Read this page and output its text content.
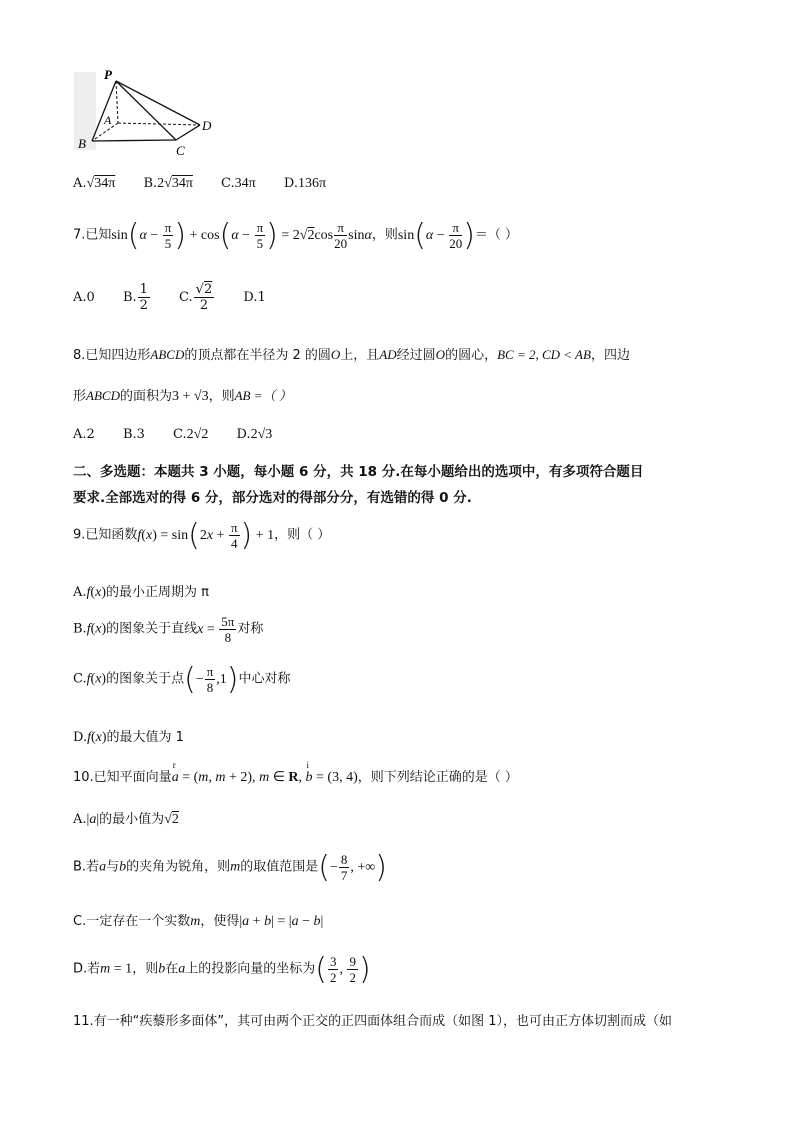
P
A	D
B	C
A.√34π B.2√34π C.34π D.136π
7.已知$\sin(\alpha - \frac{\pi}{5}$ ) + $\cos(\alpha - \frac{\pi}{5}$ ) = $2√2\cos \frac{\pi}{20}$ sinα，则$\sin(\alpha - \frac{\pi}{20}$ )＝（ ）
A.0 B. $\frac{1}{2} C$. $\frac{√2}{2} D.1$
8.已知四边形ABCD的顶点都在半径为 2 的圆O上，且AD经过圆O的圆心，BC = 2, CD < AB，四边
形ABCD的面积为3 + √3，则AB =（ ）
A.2 B.3 C.2√2 D.2√3
二、多选题：本题共 3 小题，每小题 6 分，共 18 分.在每小题给出的选项中，有多项符合题目
要求.全部选对的得 6 分，部分选对的得部分分，有选错的得 0 分.
9.已知函数$f(x) = \sin(2x + \frac{\pi}{4}$ ) + 1，则（ ）
A.f(x)的最小正周期为 π
B.f(x)的图象关于直线$x = \frac{5\pi}{8}$ 对称
C.f(x)的图象关于点(− $\frac{\pi}{8} ,1$)中心对称
D.f(x)的最大值为 1
10.已知平面向量
r
a = (m, m + 2), m ∈ R,
i
b = (3, 4)，则下列结论正确的是（ ）
A.|a|的最小值为√2
B.若a与b的夹角为锐角，则m的取值范围是(− $\frac{8}{7}$ , +∞)
C.一定存在一个实数m，使得|a + b| = |a − b|
D.若m = 1，则b在a上的投影向量的坐标为( $\frac{3}{2}$ , $\frac{9}{2}$ )
11.有一种“疾藜形多面体”，其可由两个正交的正四面体组合而成（如图 1），也可由正方体切割而成（如
